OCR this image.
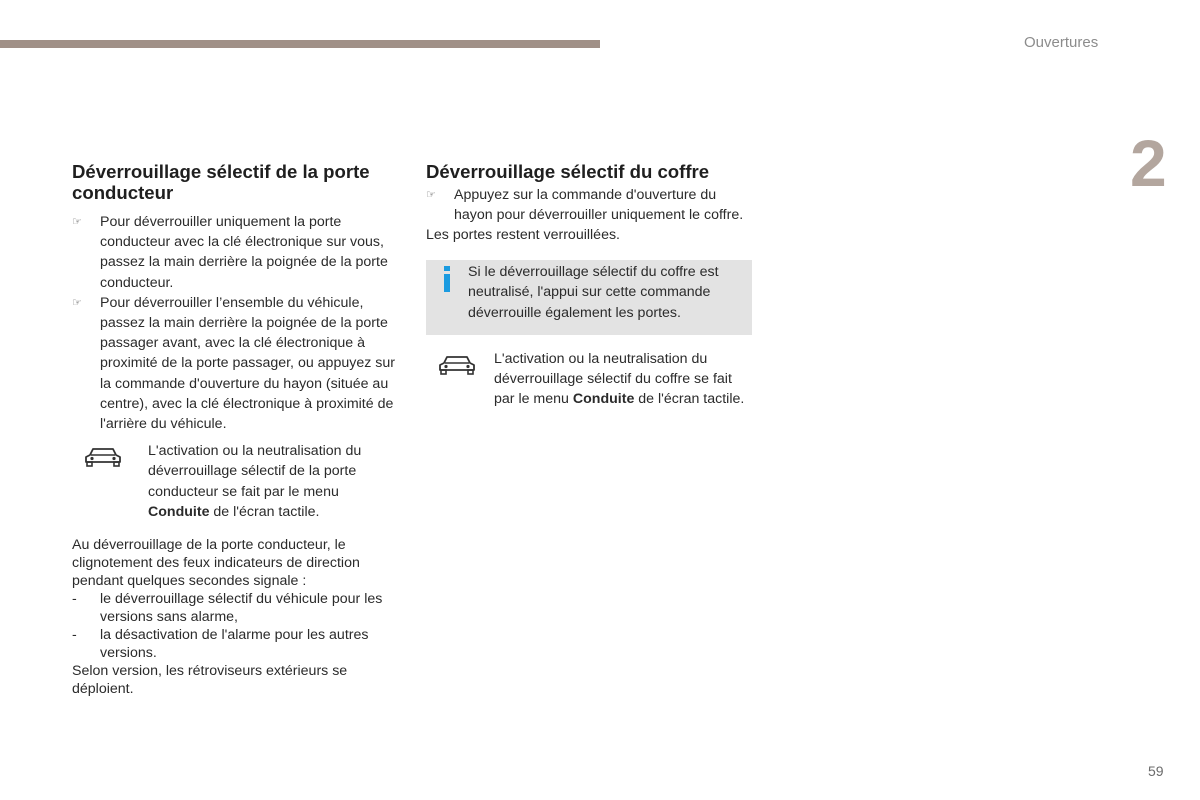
Ouvertures
2
59
Déverrouillage sélectif de la porte conducteur
☞ Pour déverrouiller uniquement la porte conducteur avec la clé électronique sur vous, passez la main derrière la poignée de la porte conducteur.
☞ Pour déverrouiller l’ensemble du véhicule, passez la main derrière la poignée de la porte passager avant, avec la clé électronique à proximité de la porte passager, ou appuyez sur la commande d'ouverture du hayon (située au centre), avec la clé électronique à proximité de l'arrière du véhicule.
L'activation ou la neutralisation du déverrouillage sélectif de la porte conducteur se fait par le menu Conduite de l'écran tactile.
Au déverrouillage de la porte conducteur, le clignotement des feux indicateurs de direction pendant quelques secondes signale :
- le déverrouillage sélectif du véhicule pour les versions sans alarme,
- la désactivation de l'alarme pour les autres versions.
Selon version, les rétroviseurs extérieurs se déploient.
Déverrouillage sélectif du coffre
☞ Appuyez sur la commande d'ouverture du hayon pour déverrouiller uniquement le coffre.

Les portes restent verrouillées.

Si le déverrouillage sélectif du coffre est neutralisé, l'appui sur cette commande déverrouille également les portes.
L'activation ou la neutralisation du déverrouillage sélectif du coffre se fait par le menu Conduite de l'écran tactile.
